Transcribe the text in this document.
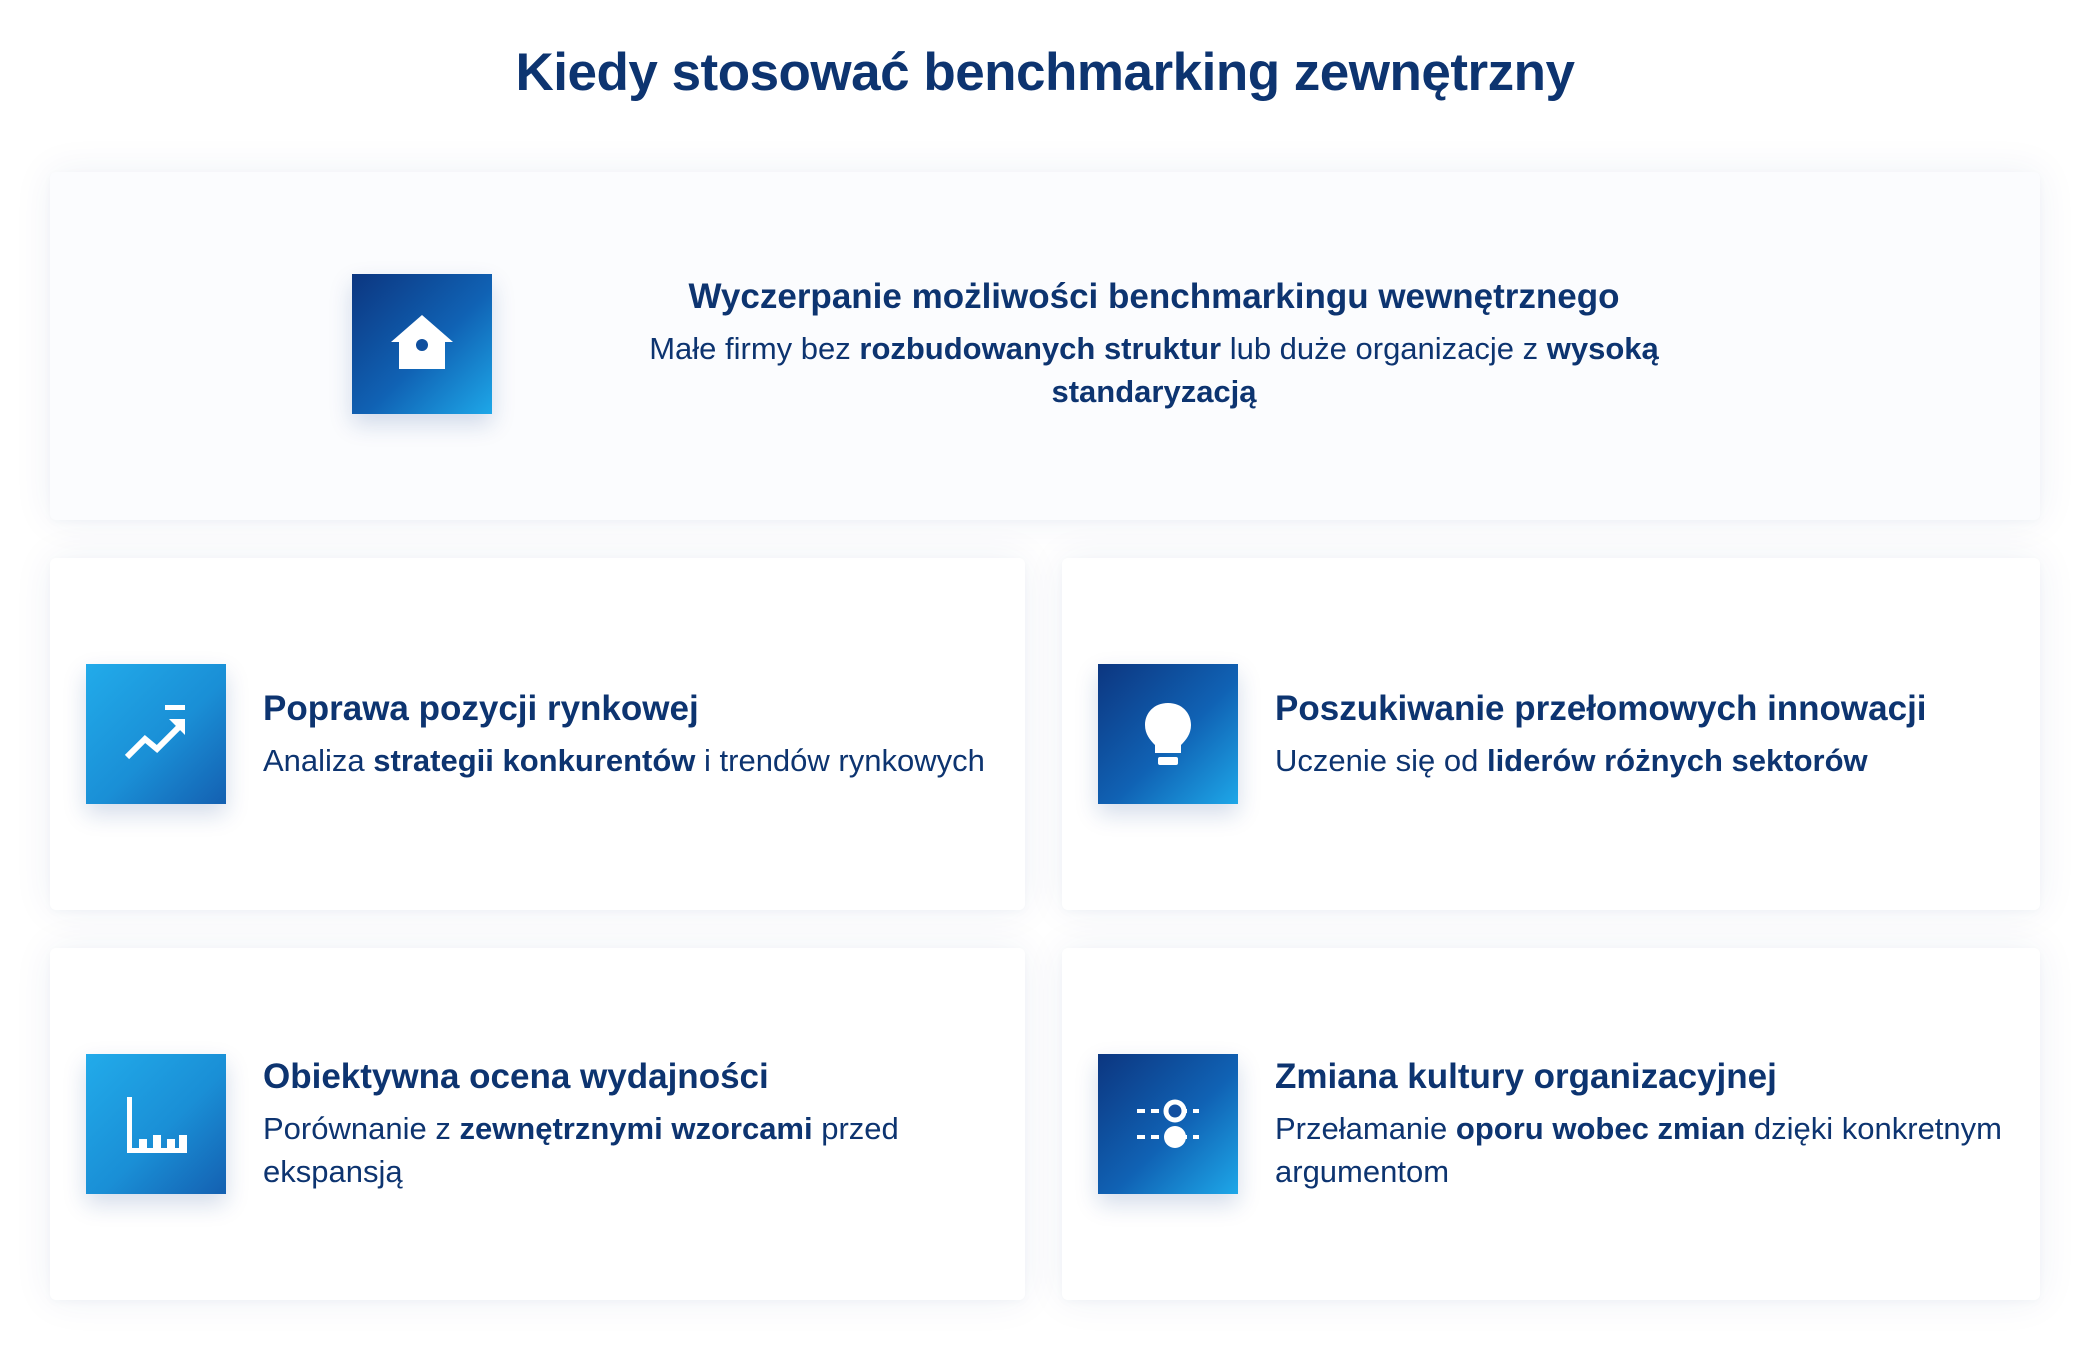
Kiedy stosować benchmarking zewnętrzny
Wyczerpanie możliwości benchmarkingu wewnętrznego
Małe firmy bez rozbudowanych struktur lub duże organizacje z wysoką standaryzacją
Poprawa pozycji rynkowej
Analiza strategii konkurentów i trendów rynkowych
Poszukiwanie przełomowych innowacji
Uczenie się od liderów różnych sektorów
Obiektywna ocena wydajności
Porównanie z zewnętrznymi wzorcami przed ekspansją
Zmiana kultury organizacyjnej
Przełamanie oporu wobec zmian dzięki konkretnym argumentom
